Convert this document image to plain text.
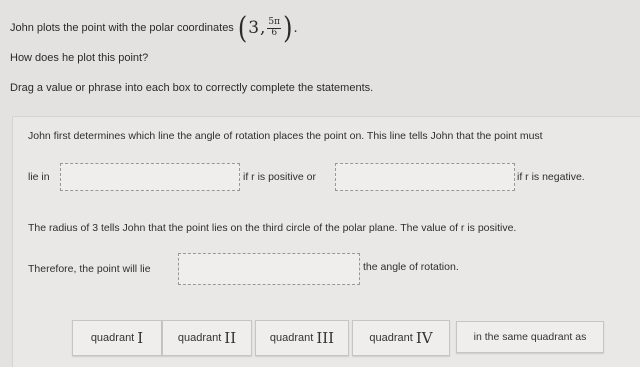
John plots the point with the polar coordinates ( 3 , $\frac{5\pi}{6}$ ) .
How does he plot this point?
Drag a value or phrase into each box to correctly complete the statements.
John first determines which line the angle of rotation places the point on. This line tells John that the point must
lie in	if r is positive or	if r is negative.
The radius of 3 tells John that the point lies on the third circle of the polar plane. The value of r is positive.
Therefore, the point will lie	the angle of rotation.
quadrant I	quadrant II	quadrant III	quadrant IV	in the same quadrant as
